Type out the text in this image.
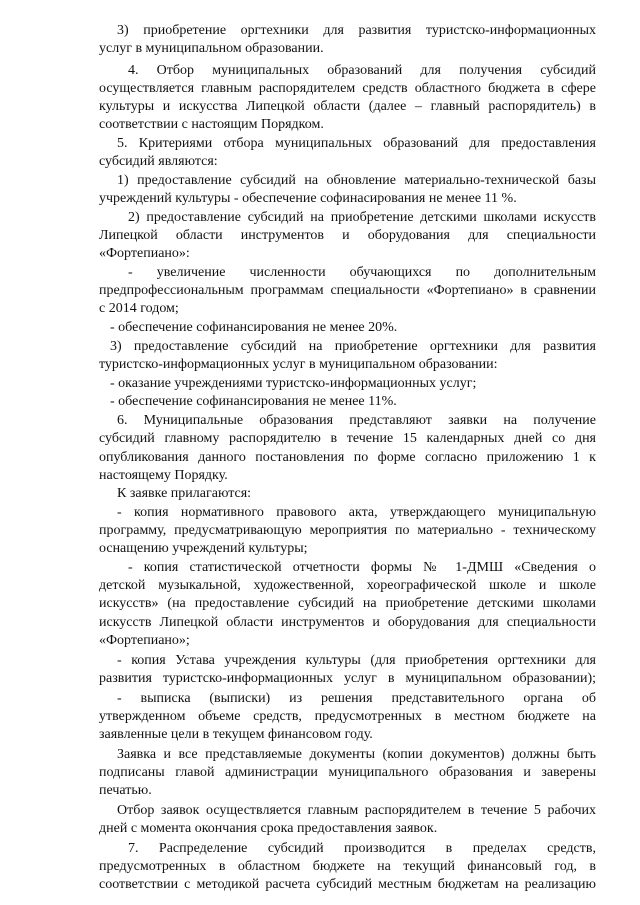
3) приобретение оргтехники для развития туристско-информационных
услуг в муниципальном образовании.
4. Отбор муниципальных образований для получения субсидий
осуществляется главным распорядителем средств областного бюджета в сфере
культуры и искусства Липецкой области (далее – главный распорядитель) в
соответствии с настоящим Порядком.
5. Критериями отбора муниципальных образований для предоставления
субсидий являются:
1) предоставление субсидий на обновление материально-технической базы
учреждений культуры - обеспечение софинасирования не менее 11 %.
2) предоставление субсидий на приобретение детскими школами искусств
Липецкой области инструментов и оборудования для специальности
«Фортепиано»:
- увеличение численности обучающихся по дополнительным
предпрофессиональным программам специальности «Фортепиано» в сравнении
с 2014 годом;
- обеспечение софинансирования не менее 20%.
3) предоставление субсидий на приобретение оргтехники для развития
туристско-информационных услуг в муниципальном образовании:
- оказание учреждениями туристско-информационных услуг;
- обеспечение софинансирования не менее 11%.
6. Муниципальные образования представляют заявки на получение
субсидий главному распорядителю в течение 15 календарных дней со дня
опубликования данного постановления по форме согласно приложению 1 к
настоящему Порядку.
К заявке прилагаются:
- копия нормативного правового акта, утверждающего муниципальную
программу, предусматривающую мероприятия по материально - техническому
оснащению учреждений культуры;
- копия статистической отчетности формы № 1-ДМШ «Сведения о
детской музыкальной, художественной, хореографической школе и школе
искусств» (на предоставление субсидий на приобретение детскими школами
искусств Липецкой области инструментов и оборудования для специальности
«Фортепиано»;
- копия Устава учреждения культуры (для приобретения оргтехники для
развития туристско-информационных услуг в муниципальном образовании);
- выписка (выписки) из решения представительного органа об
утвержденном объеме средств, предусмотренных в местном бюджете на
заявленные цели в текущем финансовом году.
Заявка и все представляемые документы (копии документов) должны быть
подписаны главой администрации муниципального образования и заверены
печатью.
Отбор заявок осуществляется главным распорядителем в течение 5 рабочих
дней с момента окончания срока предоставления заявок.
7. Распределение субсидий производится в пределах средств,
предусмотренных в областном бюджете на текущий финансовый год, в
соответствии с методикой расчета субсидий местным бюджетам на реализацию
